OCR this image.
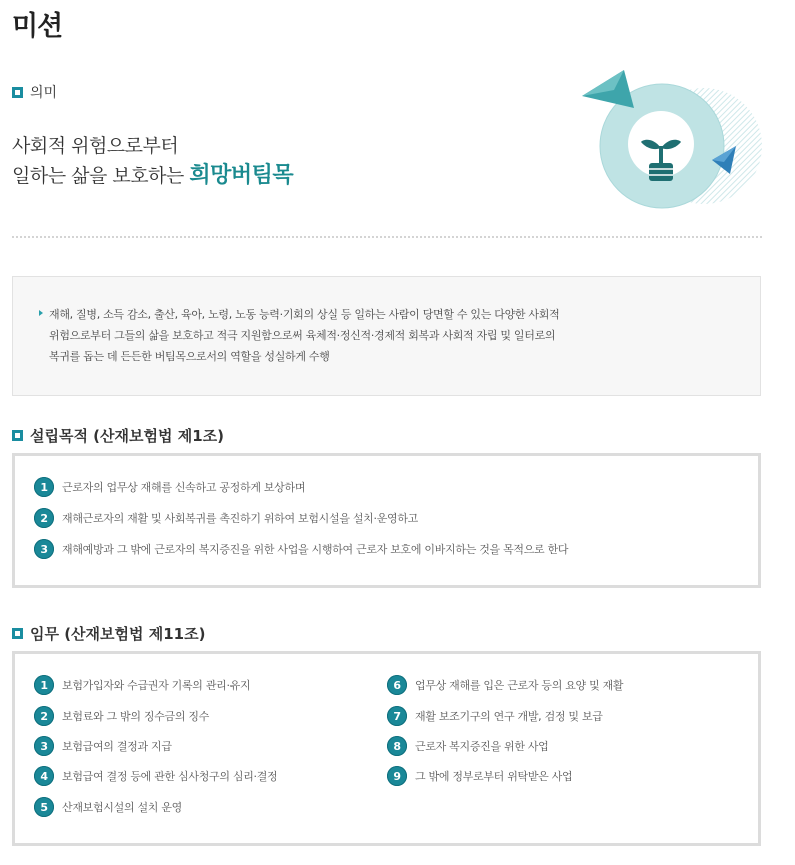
미션
의미
사회적 위험으로부터
일하는 삶을 보호하는 희망버팀목
재해, 질병, 소득 감소, 출산, 육아, 노령, 노동 능력·기회의 상실 등 일하는 사람이 당면할 수 있는 다양한 사회적
위험으로부터 그들의 삶을 보호하고 적극 지원함으로써 육체적·정신적·경제적 회복과 사회적 자립 및 일터로의
복귀를 돕는 데 든든한 버팀목으로서의 역할을 성실하게 수행
설립목적 (산재보험법 제1조)
1	근로자의 업무상 재해를 신속하고 공정하게 보상하며
2	재해근로자의 재활 및 사회복귀를 촉진하기 위하여 보험시설을 설치·운영하고
3	재해예방과 그 밖에 근로자의 복지증진을 위한 사업을 시행하여 근로자 보호에 이바지하는 것을 목적으로 한다
임무 (산재보험법 제11조)
1	보험가입자와 수급권자 기록의 관리·유지
2	보험료와 그 밖의 징수금의 징수
3	보험급여의 결정과 지급
4	보험급여 결정 등에 관한 심사청구의 심리·결정
5	산재보험시설의 설치 운영
6	업무상 재해를 입은 근로자 등의 요양 및 재활
7	재활 보조기구의 연구 개발, 검정 및 보급
8	근로자 복지증진을 위한 사업
9	그 밖에 정부로부터 위탁받은 사업
